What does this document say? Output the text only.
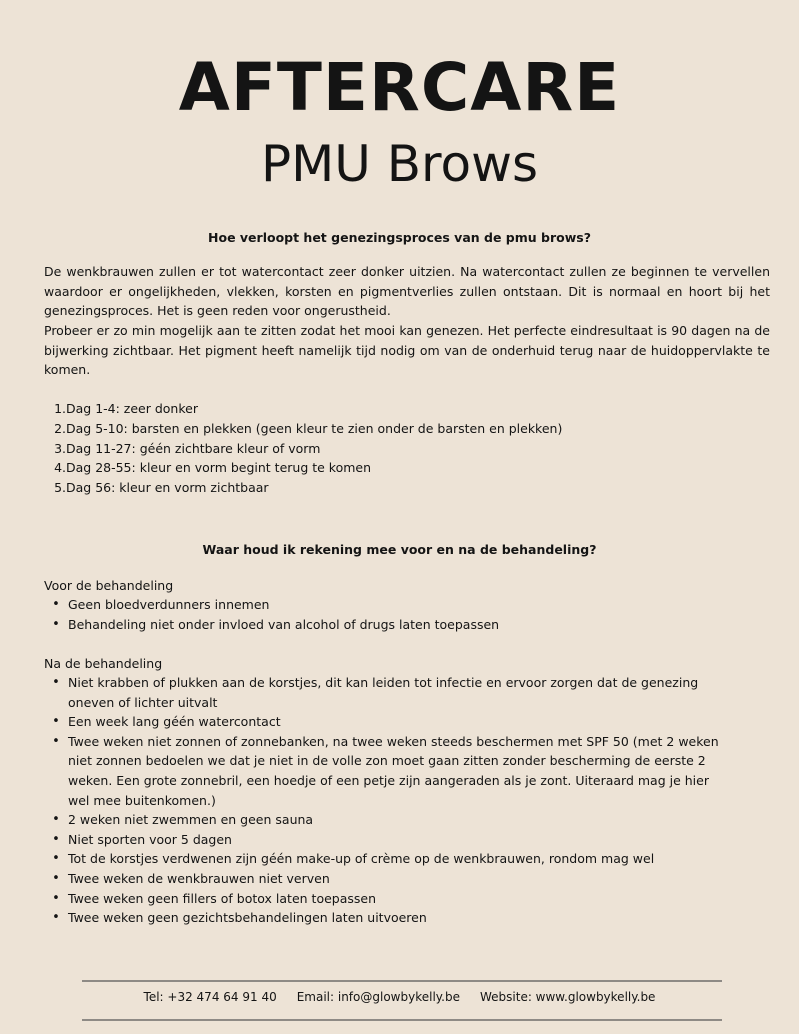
AFTERCARE
PMU Brows
Hoe verloopt het genezingsproces van de pmu brows?

De wenkbrauwen zullen er tot watercontact zeer donker uitzien. Na watercontact zullen ze beginnen te vervellen waardoor er ongelijkheden, vlekken, korsten en pigmentverlies zullen ontstaan. Dit is normaal en hoort bij het genezingsproces. Het is geen reden voor ongerustheid.

Probeer er zo min mogelijk aan te zitten zodat het mooi kan genezen. Het perfecte eindresultaat is 90 dagen na de bijwerking zichtbaar. Het pigment heeft namelijk tijd nodig om van de onderhuid terug naar de huidoppervlakte te komen.

1. Dag 1-4: zeer donker
2. Dag 5-10: barsten en plekken (geen kleur te zien onder de barsten en plekken)
3. Dag 11-27: géén zichtbare kleur of vorm
4. Dag 28-55: kleur en vorm begint terug te komen
5. Dag 56: kleur en vorm zichtbaar
Waar houd ik rekening mee voor en na de behandeling?

Voor de behandeling

• Geen bloedverdunners innemen
• Behandeling niet onder invloed van alcohol of drugs laten toepassen

Na de behandeling

• Niet krabben of plukken aan de korstjes, dit kan leiden tot infectie en ervoor zorgen dat de genezing oneven of lichter uitvalt
• Een week lang géén watercontact
• Twee weken niet zonnen of zonnebanken, na twee weken steeds beschermen met SPF 50 (met 2 weken niet zonnen bedoelen we dat je niet in de volle zon moet gaan zitten zonder bescherming de eerste 2 weken. Een grote zonnebril, een hoedje of een petje zijn aangeraden als je zont. Uiteraard mag je hier wel mee buitenkomen.)
• 2 weken niet zwemmen en geen sauna
• Niet sporten voor 5 dagen
• Tot de korstjes verdwenen zijn géén make-up of crème op de wenkbrauwen, rondom mag wel
• Twee weken de wenkbrauwen niet verven
• Twee weken geen fillers of botox laten toepassen
• Twee weken geen gezichtsbehandelingen laten uitvoeren
Tel: +32 474 64 91 40 Email: info@glowbykelly.be Website: www.glowbykelly.be
